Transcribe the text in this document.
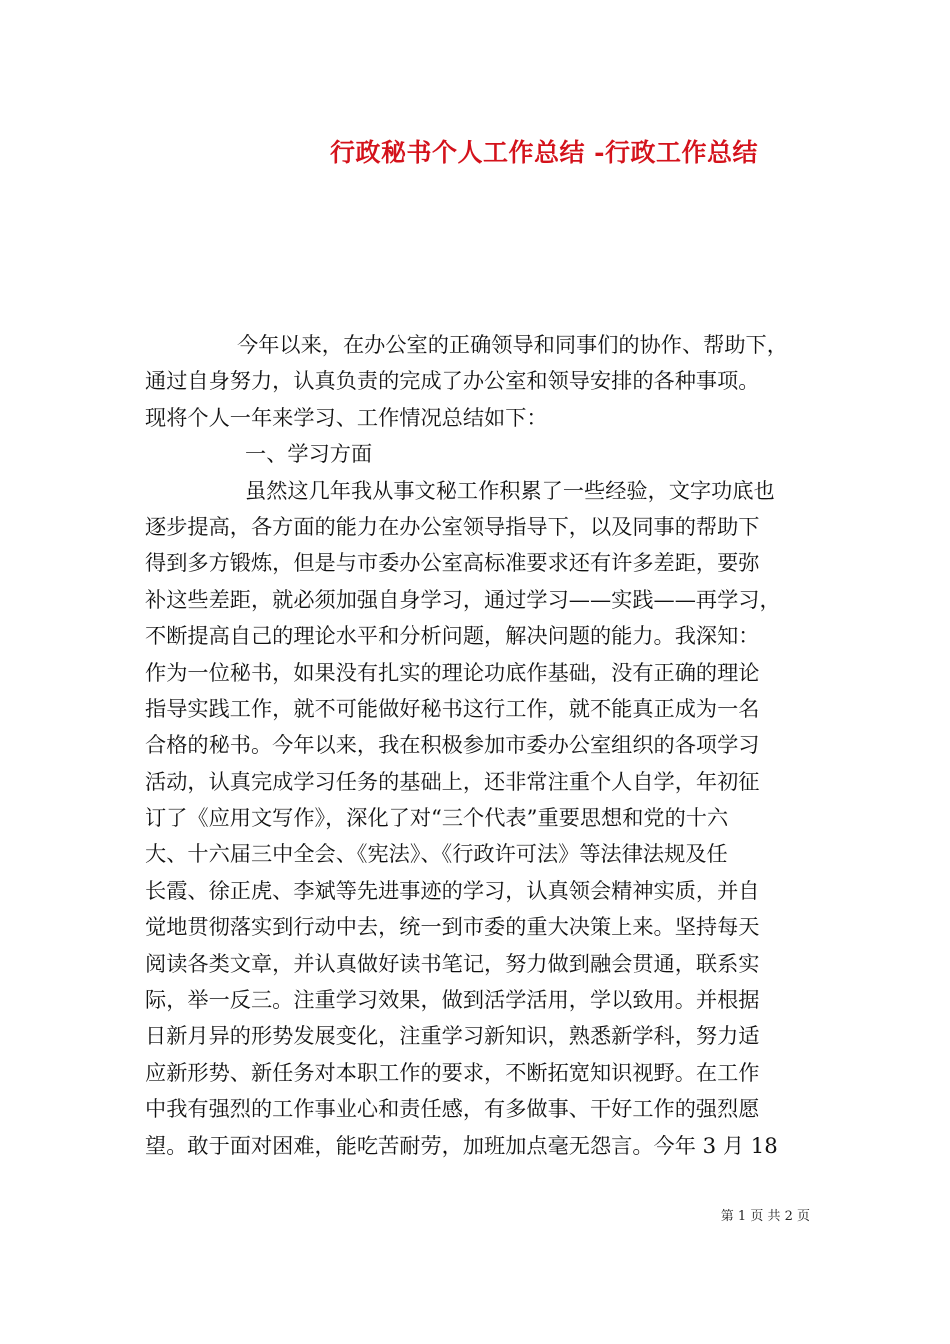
行政秘书个人工作总结 -行政工作总结
今年以来，在办公室的正确领导和同事们的协作、帮助下，
通过自身努力，认真负责的完成了办公室和领导安排的各种事项。
现将个人一年来学习、工作情况总结如下：
一、学习方面
虽然这几年我从事文秘工作积累了一些经验，文字功底也
逐步提高，各方面的能力在办公室领导指导下，以及同事的帮助下
得到多方锻炼，但是与市委办公室高标准要求还有许多差距，要弥
补这些差距，就必须加强自身学习，通过学习——实践——再学习，
不断提高自己的理论水平和分析问题，解决问题的能力。我深知：
作为一位秘书，如果没有扎实的理论功底作基础，没有正确的理论
指导实践工作，就不可能做好秘书这行工作，就不能真正成为一名
合格的秘书。今年以来，我在积极参加市委办公室组织的各项学习
活动，认真完成学习任务的基础上，还非常注重个人自学，年初征
订了《应用文写作》，深化了对“三个代表”重要思想和党的十六
大、十六届三中全会、《宪法》、《行政许可法》等法律法规及任
长霞、徐正虎、李斌等先进事迹的学习，认真领会精神实质，并自
觉地贯彻落实到行动中去，统一到市委的重大决策上来。坚持每天
阅读各类文章，并认真做好读书笔记，努力做到融会贯通，联系实
际，举一反三。注重学习效果，做到活学活用，学以致用。并根据
日新月异的形势发展变化，注重学习新知识，熟悉新学科，努力适
应新形势、新任务对本职工作的要求，不断拓宽知识视野。在工作
中我有强烈的工作事业心和责任感，有多做事、干好工作的强烈愿
望。敢于面对困难，能吃苦耐劳，加班加点毫无怨言。今年 3 月 18
第 1 页 共 2 页
